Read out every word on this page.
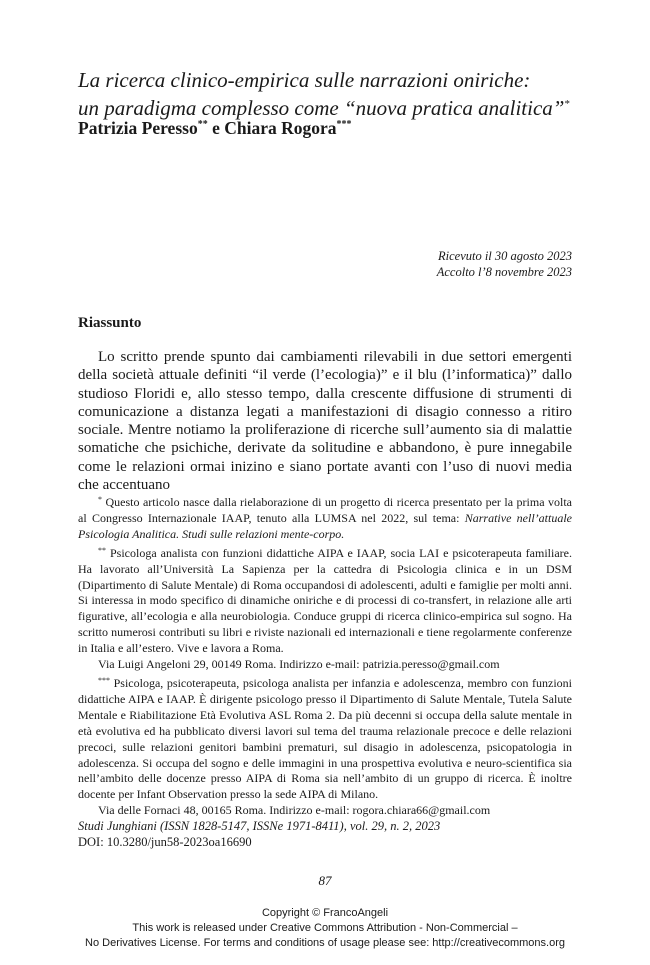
La ricerca clinico-empirica sulle narrazioni oniriche:
un paradigma complesso come “nuova pratica analitica”*
Patrizia Peresso** e Chiara Rogora***
Ricevuto il 30 agosto 2023
Accolto l’8 novembre 2023
Riassunto

Lo scritto prende spunto dai cambiamenti rilevabili in due settori emergenti della società attuale definiti “il verde (l’ecologia)” e il blu (l’informatica)” dallo studioso Floridi e, allo stesso tempo, dalla crescente diffusione di strumenti di comunicazione a distanza legati a manifestazioni di disagio connesso a ritiro sociale. Mentre notiamo la proliferazione di ricerche sull’aumento sia di malattie somatiche che psichiche, derivate da solitudine e abbandono, è pure innegabile come le relazioni ormai inizino e siano portate avanti con l’uso di nuovi media che accentuano

* Questo articolo nasce dalla rielaborazione di un progetto di ricerca presentato per la prima volta al Congresso Internazionale IAAP, tenuto alla LUMSA nel 2022, sul tema: Narrative nell’attuale Psicologia Analitica. Studi sulle relazioni mente-corpo.

** Psicologa analista con funzioni didattiche AIPA e IAAP, socia LAI e psicoterapeuta familiare. Ha lavorato all’Università La Sapienza per la cattedra di Psicologia clinica e in un DSM (Dipartimento di Salute Mentale) di Roma occupandosi di adolescenti, adulti e famiglie per molti anni. Si interessa in modo specifico di dinamiche oniriche e di processi di co-transfert, in relazione alle arti figurative, all’ecologia e alla neurobiologia. Conduce gruppi di ricerca clinico-empirica sul sogno. Ha scritto numerosi contributi su libri e riviste nazionali ed internazionali e tiene regolarmente conferenze in Italia e all’estero. Vive e lavora a Roma.

Via Luigi Angeloni 29, 00149 Roma. Indirizzo e-mail: patrizia.peresso@gmail.com

*** Psicologa, psicoterapeuta, psicologa analista per infanzia e adolescenza, membro con funzioni didattiche AIPA e IAAP. È dirigente psicologo presso il Dipartimento di Salute Mentale, Tutela Salute Mentale e Riabilitazione Età Evolutiva ASL Roma 2. Da più decenni si occupa della salute mentale in età evolutiva ed ha pubblicato diversi lavori sul tema del trauma relazionale precoce e delle relazioni precoci, sulle relazioni genitori bambini prematuri, sul disagio in adolescenza, psicopatologia in adolescenza. Si occupa del sogno e delle immagini in una prospettiva evolutiva e neuro-scientifica sia nell’ambito delle docenze presso AIPA di Roma sia nell’ambito di un gruppo di ricerca. È inoltre docente per Infant Observation presso la sede AIPA di Milano.

Via delle Fornaci 48, 00165 Roma. Indirizzo e-mail: rogora.chiara66@gmail.com

Studi Junghiani (ISSN 1828-5147, ISSNe 1971-8411), vol. 29, n. 2, 2023
DOI: 10.3280/jun58-2023oa16690
87
Copyright © FrancoAngeli
This work is released under Creative Commons Attribution - Non-Commercial –
No Derivatives License. For terms and conditions of usage please see: http://creativecommons.org
